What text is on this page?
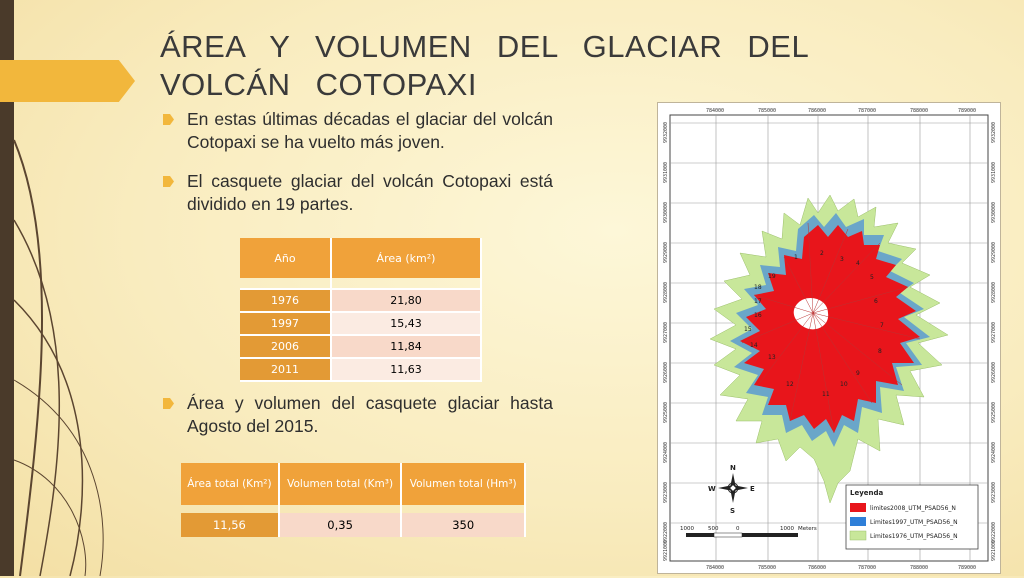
ÁREA Y VOLUMEN DEL GLACIAR DEL VOLCÁN COTOPAXI
En estas últimas décadas el glaciar del volcán Cotopaxi se ha vuelto más joven.
El casquete glaciar del volcán Cotopaxi está dividido en 19 partes.
Área y volumen del casquete glaciar hasta Agosto del 2015.
Año	Área (km²)

1976	21,80
1997	15,43
2006	11,84
2011	11,63
Área total (Km²)	Volumen total (Km³)	Volumen total (Hm³)

11,56	0,35	350
784000	785000	786000	787000	788000	789000
784000	785000	786000	787000	788000	789000
9932000
9931000
9930000
9929000
9928000
9927000
9926000
9925000
9924000
9923000
9922000
9921000
9932000
9931000
9930000
9929000
9928000
9927000
9926000
9925000
9924000
9923000
9922000
9921000
1
2
3
4
5
6
7
8
9
10
11
12
13
14
15
16
17
18
19
N
S
E
W
1000	500	0	1000 Meters
Leyenda
limites2008_UTM_PSAD56_N
Limites1997_UTM_PSAD56_N
Limites1976_UTM_PSAD56_N
